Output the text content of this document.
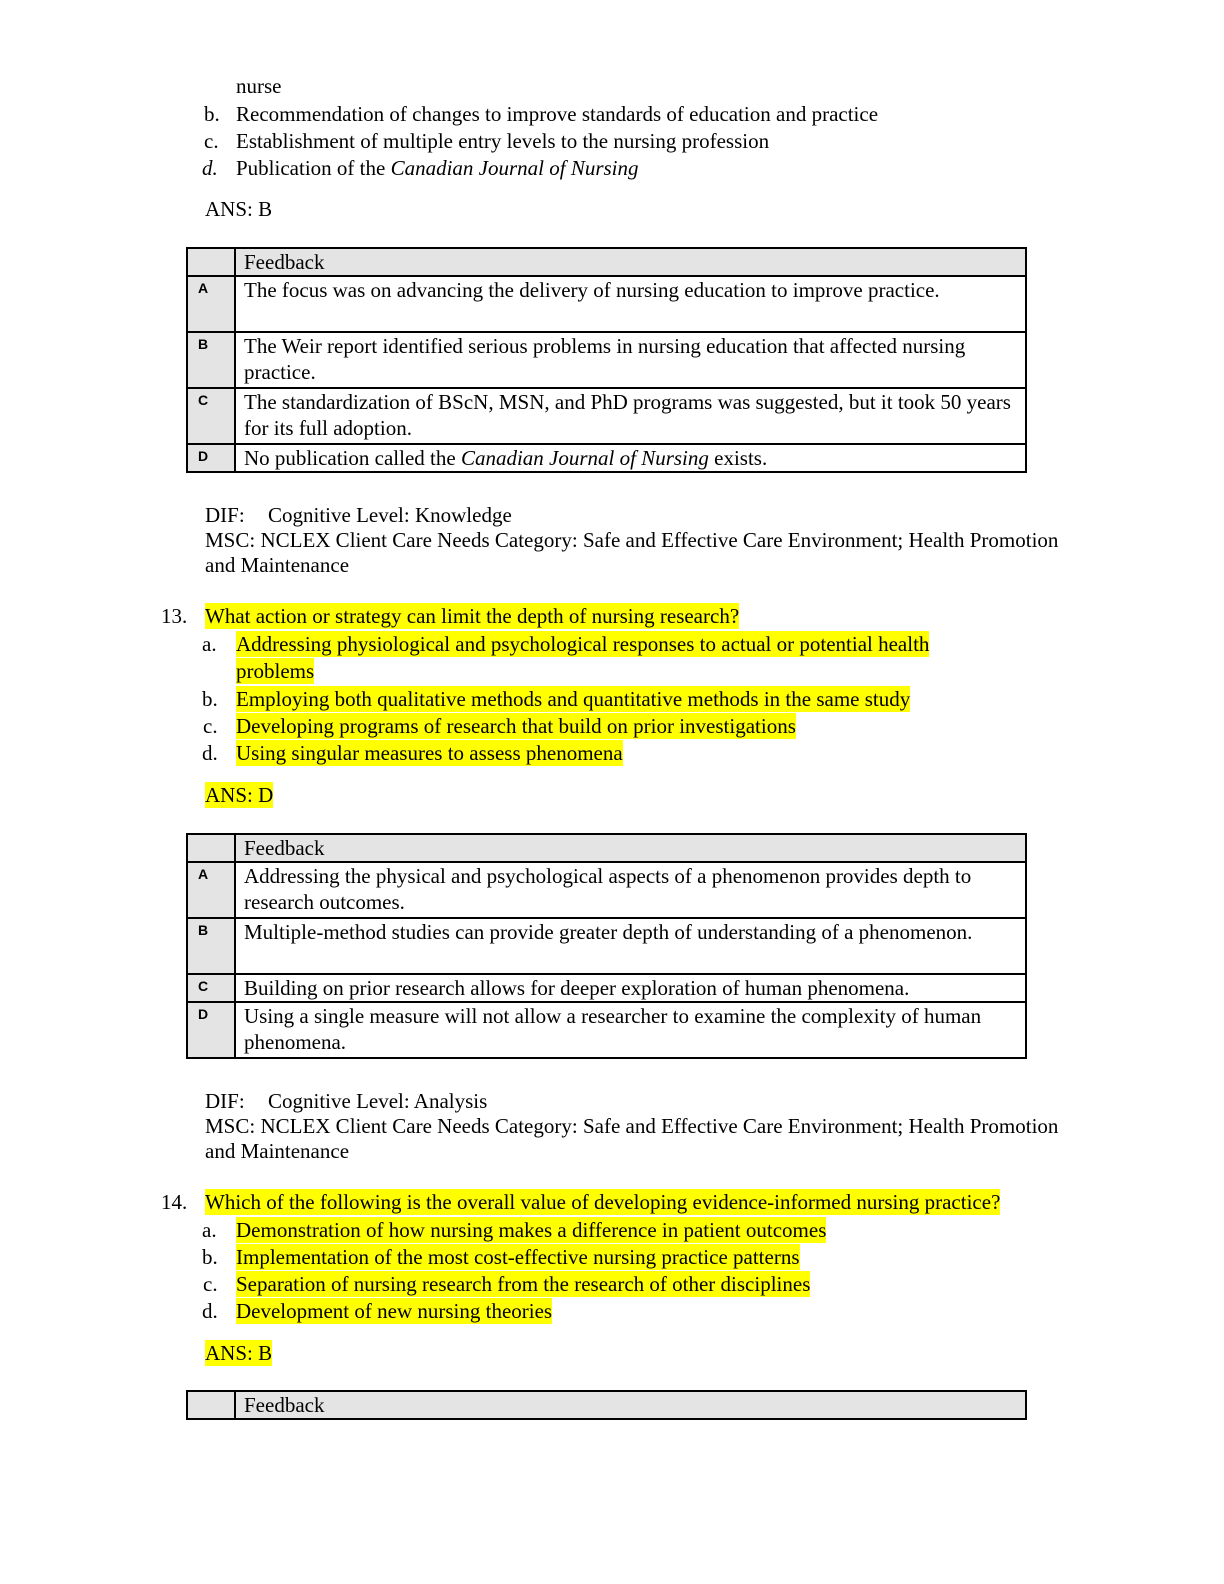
nurse
b. Recommendation of changes to improve standards of education and practice
c. Establishment of multiple entry levels to the nursing profession
d. Publication of the Canadian Journal of Nursing
ANS: B
	Feedback
A	The focus was on advancing the delivery of nursing education to improve practice.
B	The Weir report identified serious problems in nursing education that affected nursing practice.
C	The standardization of BScN, MSN, and PhD programs was suggested, but it took 50 years for its full adoption.
D	No publication called the Canadian Journal of Nursing exists.
DIF: Cognitive Level: Knowledge
MSC: NCLEX Client Care Needs Category: Safe and Effective Care Environment; Health Promotion
and Maintenance
13. What action or strategy can limit the depth of nursing research?
a. Addressing physiological and psychological responses to actual or potential health
problems
b. Employing both qualitative methods and quantitative methods in the same study
c. Developing programs of research that build on prior investigations
d. Using singular measures to assess phenomena
ANS: D
	Feedback
A	Addressing the physical and psychological aspects of a phenomenon provides depth to research outcomes.
B	Multiple-method studies can provide greater depth of understanding of a phenomenon.
C	Building on prior research allows for deeper exploration of human phenomena.
D	Using a single measure will not allow a researcher to examine the complexity of human phenomena.
DIF: Cognitive Level: Analysis
MSC: NCLEX Client Care Needs Category: Safe and Effective Care Environment; Health Promotion
and Maintenance
14. Which of the following is the overall value of developing evidence-informed nursing practice?
a. Demonstration of how nursing makes a difference in patient outcomes
b. Implementation of the most cost-effective nursing practice patterns
c. Separation of nursing research from the research of other disciplines
d. Development of new nursing theories
ANS: B
	Feedback
